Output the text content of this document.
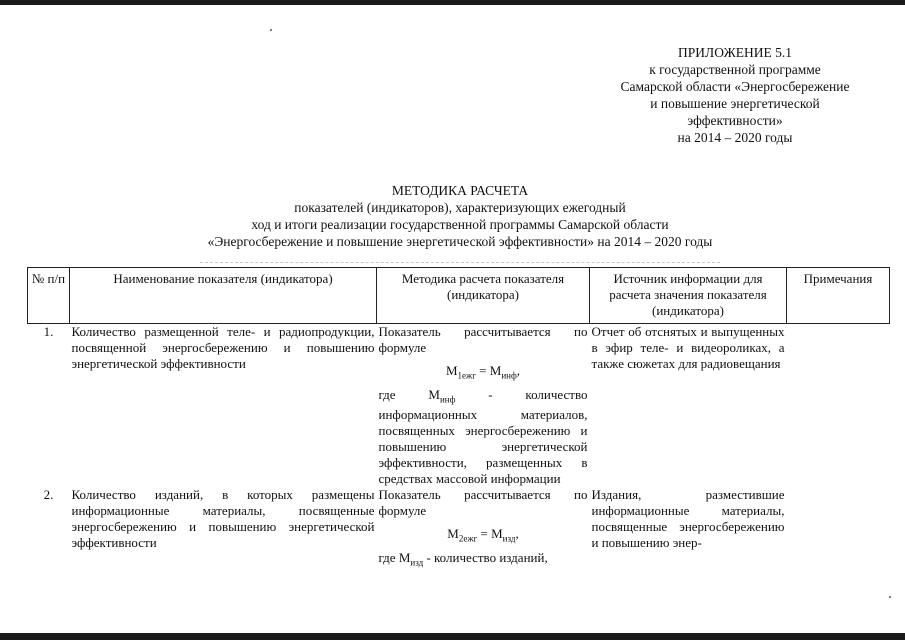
ПРИЛОЖЕНИЕ 5.1
к государственной программе
Самарской области «Энергосбережение
и повышение энергетической
эффективности»
на 2014 – 2020 годы
МЕТОДИКА РАСЧЕТА
показателей (индикаторов), характеризующих ежегодный
ход и итоги реализации государственной программы Самарской области
«Энергосбережение и повышение энергетической эффективности» на 2014 – 2020 годы
№ п/п	Наименование показателя (индикатора)	Методика расчета показателя (индикатора)	Источник информации для расчета значения показателя (индикатора)	Примечания
1.	Количество размещенной теле- и радиопродукции, посвященной энергосбережению и повышению энергетической эффективности	Показатель рассчитывается по формуле
$M_{1ежг} = M_{инф}$,
где $M_{инф}$ - количество информационных материалов, посвященных энергосбережению и повышению энергетической эффективности, размещенных в средствах массовой информации	Отчет об отснятых и выпущенных в эфир теле- и видеороликах, а также сюжетах для радиовещания	
2.	Количество изданий, в которых размещены информационные материалы, посвященные энергосбережению и повышению энергетической эффективности	Показатель рассчитывается по формуле
$M_{2ежг} = M_{изд}$,
где $M_{изд}$ - количество изданий,	Издания, разместившие информационные материалы, посвященные энергосбережению и повышению энер-	
